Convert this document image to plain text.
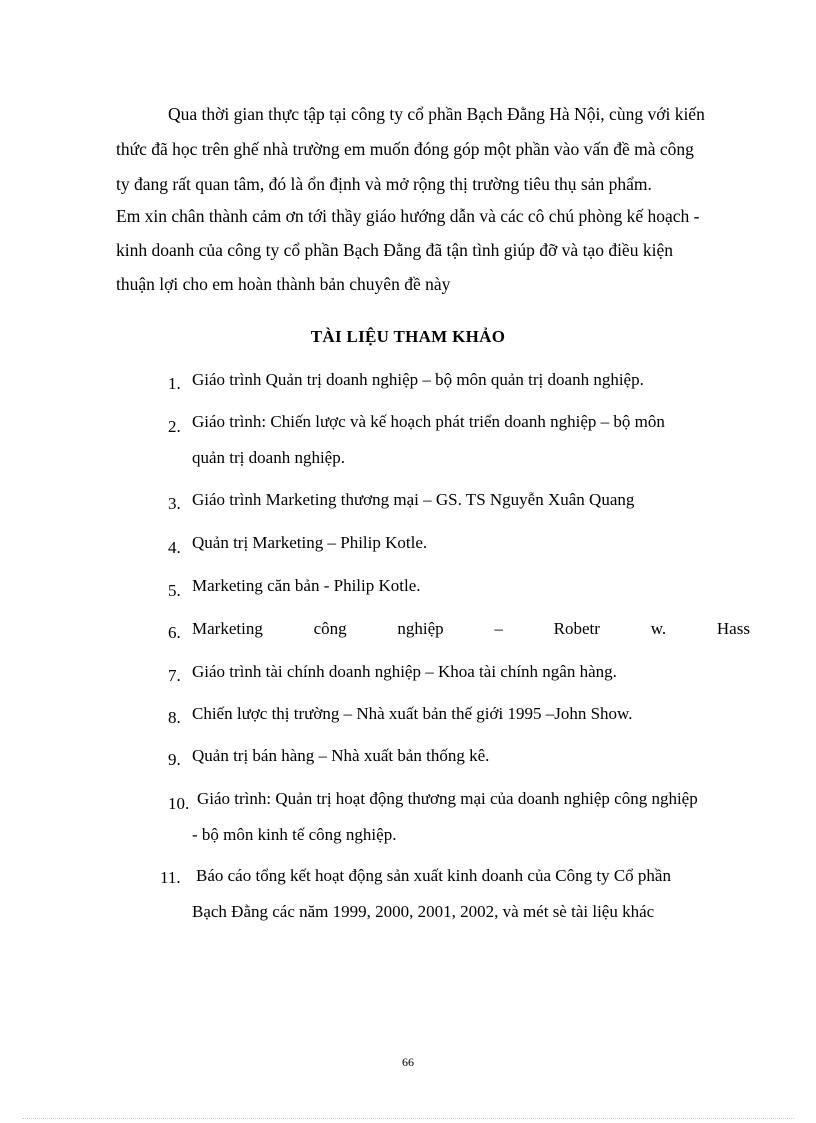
Qua thời gian thực tập tại công ty cổ phần Bạch Đằng Hà Nội, cùng với kiến
thức đã học trên ghế nhà trường em muốn đóng góp một phần vào vấn đề mà công
ty đang rất quan tâm, đó là ổn định và mở rộng thị trường tiêu thụ sản phẩm.
Em xin chân thành cảm ơn tới thầy giáo hướng dẫn và các cô chú phòng kế hoạch -
kinh doanh của công ty cổ phần Bạch Đằng đã tận tình giúp đỡ và tạo điều kiện
thuận lợi cho em hoàn thành bản chuyên đề này
TÀI LIỆU THAM KHẢO
1. Giáo trình Quản trị doanh nghiệp – bộ môn quản trị doanh nghiệp.
2. Giáo trình: Chiến lược và kế hoạch phát triển doanh nghiệp – bộ môn
quản trị doanh nghiệp.
3. Giáo trình Marketing thương mại – GS. TS Nguyễn Xuân Quang
4. Quản trị Marketing – Philip Kotle.
5. Marketing căn bản - Philip Kotle.
6. Marketing	công	nghiệp	–	Robetr	w.	Hass
7. Giáo trình tài chính doanh nghiệp – Khoa tài chính ngân hàng.
8. Chiến lược thị trường – Nhà xuất bản thế giới 1995 –John Show.
9. Quản trị bán hàng – Nhà xuất bản thống kê.
10. Giáo trình: Quản trị hoạt động thương mại của doanh nghiệp công nghiệp
- bộ môn kinh tế công nghiệp.
11. Báo cáo tổng kết hoạt động sản xuất kinh doanh của Công ty Cổ phần
Bạch Đằng các năm 1999, 2000, 2001, 2002, và mét sè tài liệu khác
66
